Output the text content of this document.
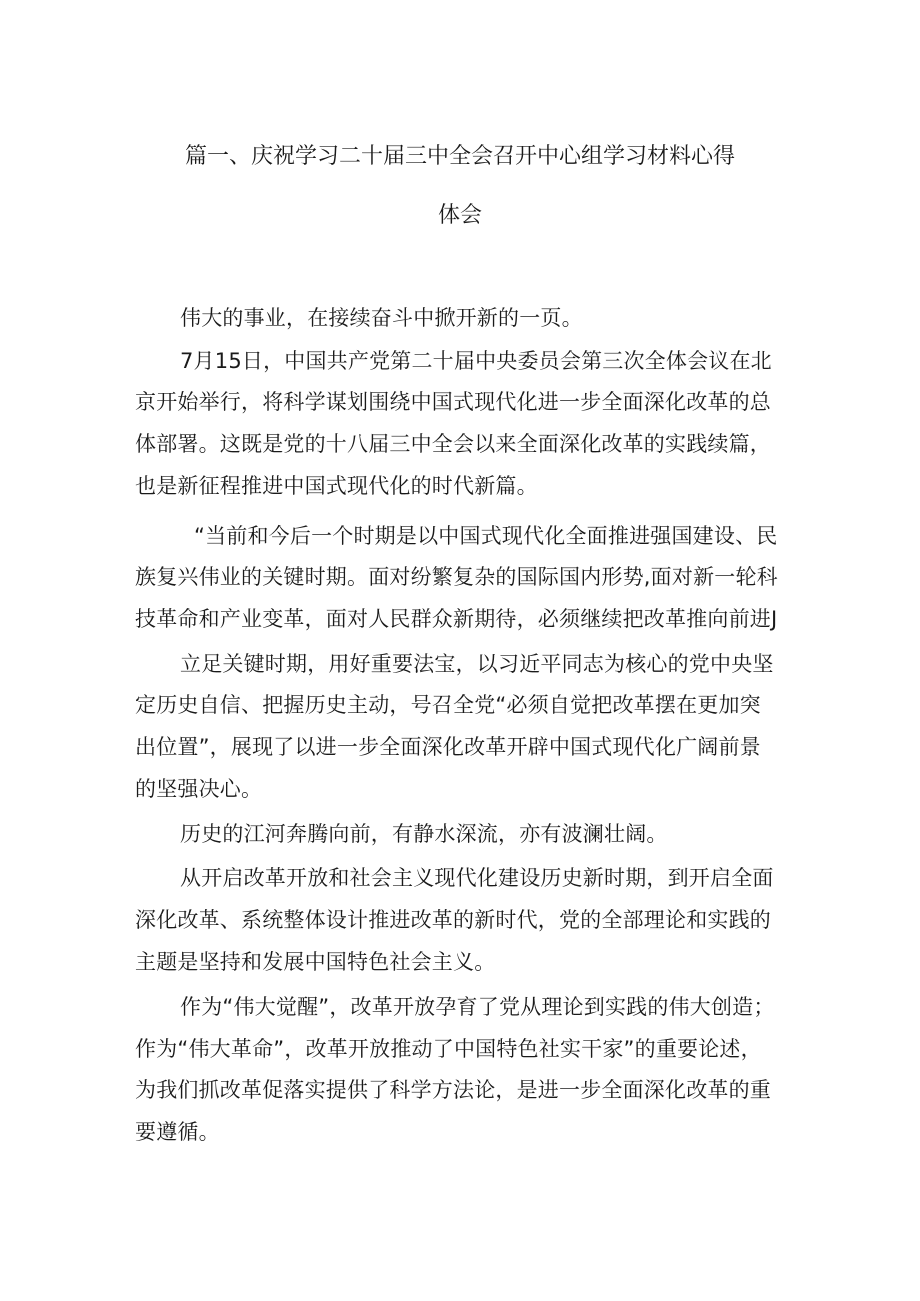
篇一、庆祝学习二十届三中全会召开中心组学习材料心得
体会
伟大的事业，在接续奋斗中掀开新的一页。
7月15日，中国共产党第二十届中央委员会第三次全体会议在北
京开始举行，将科学谋划围绕中国式现代化进一步全面深化改革的总
体部署。这既是党的十八届三中全会以来全面深化改革的实践续篇，
也是新征程推进中国式现代化的时代新篇。
“当前和今后一个时期是以中国式现代化全面推进强国建设、民
族复兴伟业的关键时期。面对纷繁复杂的国际国内形势,面对新一轮科
技革命和产业变革，面对人民群众新期待，必须继续把改革推向前进J
立足关键时期，用好重要法宝，以习近平同志为核心的党中央坚
定历史自信、把握历史主动，号召全党“必须自觉把改革摆在更加突
出位置”，展现了以进一步全面深化改革开辟中国式现代化广阔前景
的坚强决心。
历史的江河奔腾向前，有静水深流，亦有波澜壮阔。
从开启改革开放和社会主义现代化建设历史新时期，到开启全面
深化改革、系统整体设计推进改革的新时代，党的全部理论和实践的
主题是坚持和发展中国特色社会主义。
作为“伟大觉醒”，改革开放孕育了党从理论到实践的伟大创造；
作为“伟大革命”，改革开放推动了中国特色社实干家”的重要论述，
为我们抓改革促落实提供了科学方法论，是进一步全面深化改革的重
要遵循。
